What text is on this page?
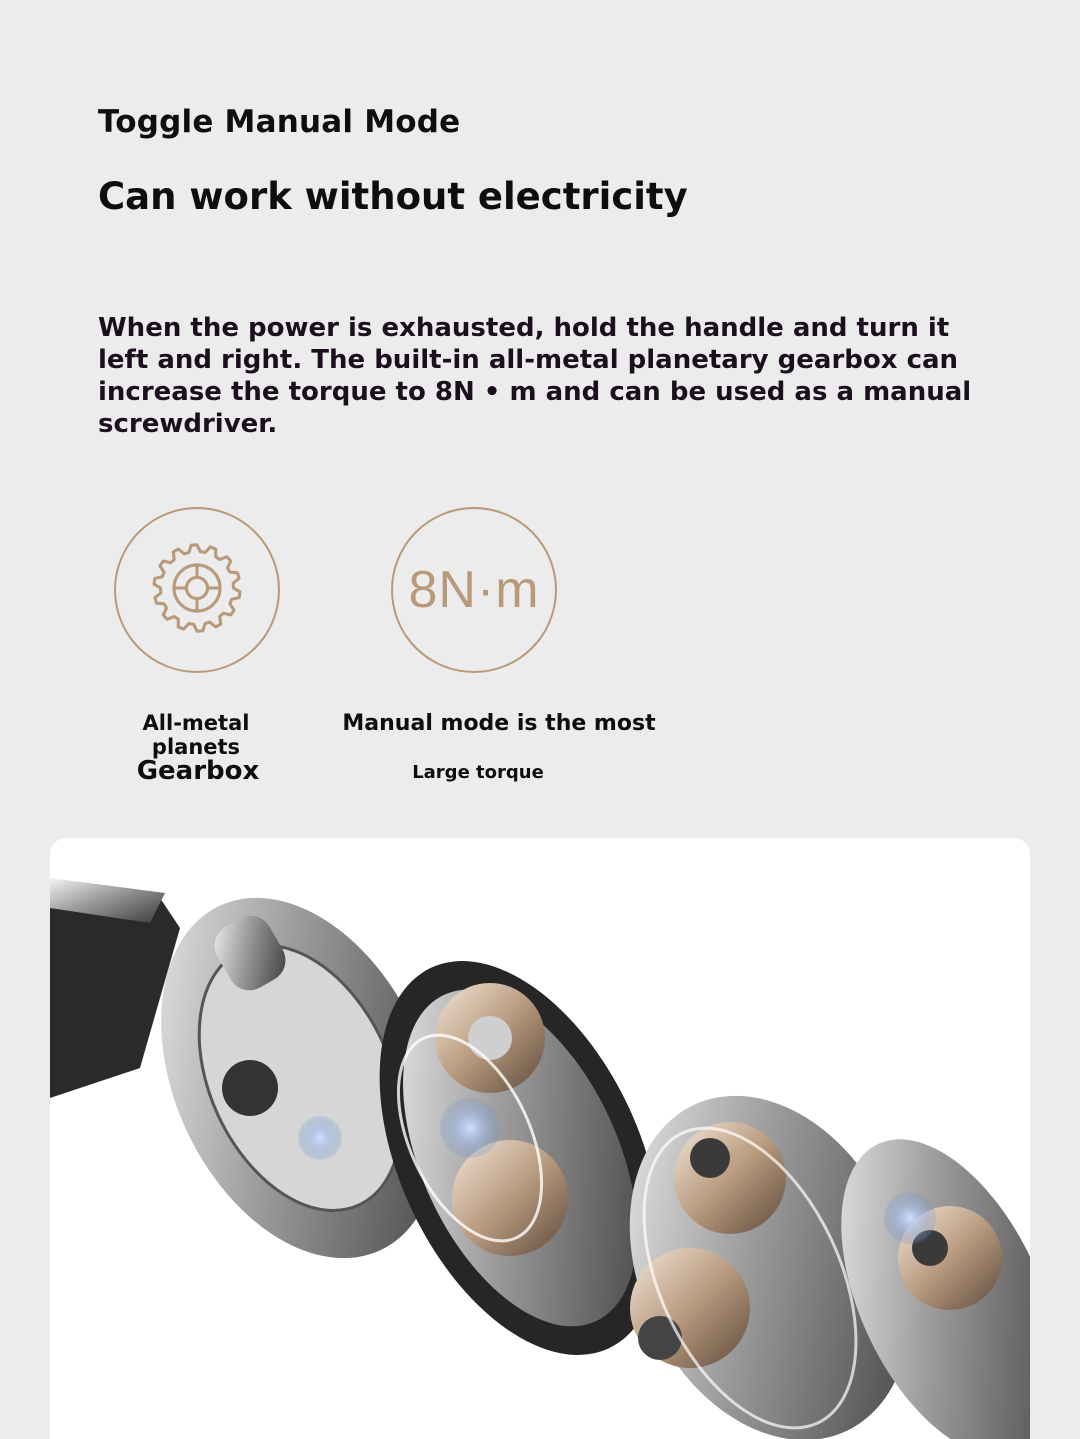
Toggle Manual Mode
Can work without electricity

When the power is exhausted, hold the handle and turn it left and right. The built-in all-metal planetary gearbox can increase the torque to 8N • m and can be used as a manual screwdriver.

8N·m

All-metal planets

Gearbox

Manual mode is the most

Large torque
